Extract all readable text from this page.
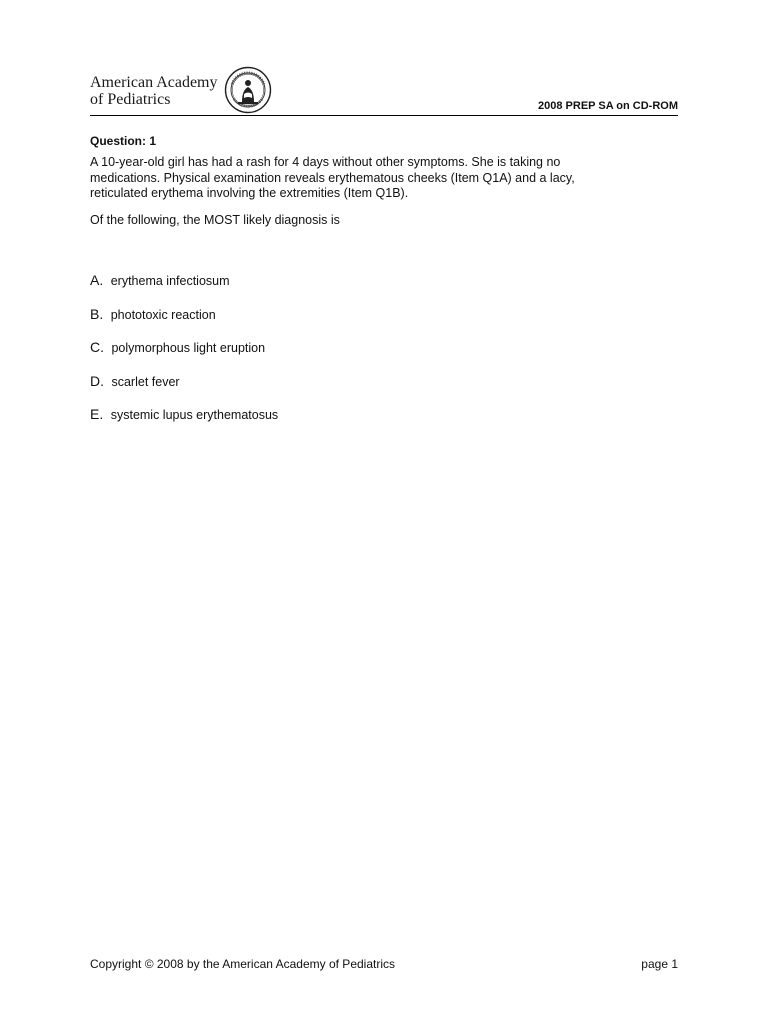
American Academy
of Pediatrics	2008 PREP SA on CD-ROM
Question: 1

A 10-year-old girl has had a rash for 4 days without other symptoms. She is taking no medications. Physical examination reveals erythematous cheeks (Item Q1A) and a lacy, reticulated erythema involving the extremities (Item Q1B).

Of the following, the MOST likely diagnosis is

A. erythema infectiosum
B. phototoxic reaction
C. polymorphous light eruption
D. scarlet fever
E. systemic lupus erythematosus
Copyright © 2008 by the American Academy of Pediatrics	page 1
